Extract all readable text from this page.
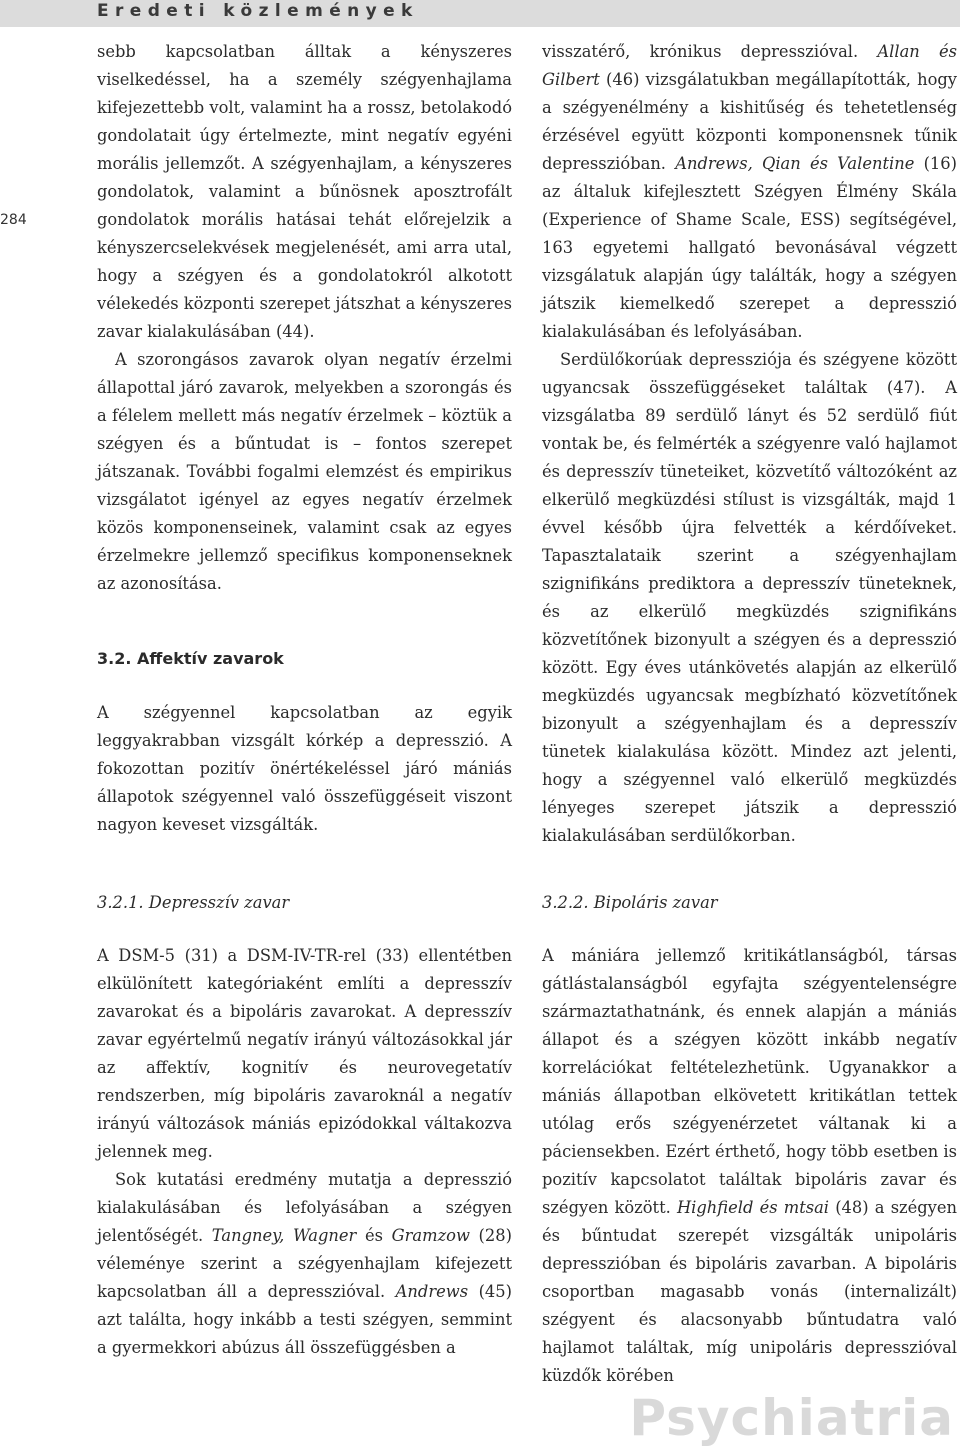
Eredeti közlemények
284

sebb kapcsolatban álltak a kényszeres viselkedéssel, ha a személy szégyenhajlama kifejezettebb volt, valamint ha a rossz, betolakodó gondolatait úgy értelmezte, mint negatív egyéni morális jellemzőt. A szégyenhajlam, a kényszeres gondolatok, valamint a bűnösnek aposztrofált gondolatok morális hatásai tehát előrejelzik a kényszercselekvések megjelenését, ami arra utal, hogy a szégyen és a gondolatokról alkotott vélekedés központi szerepet játszhat a kényszeres zavar kialakulásában (44).

A szorongásos zavarok olyan negatív érzelmi állapottal járó zavarok, melyekben a szorongás és a félelem mellett más negatív érzelmek – köztük a szégyen és a bűntudat is – fontos szerepet játszanak. További fogalmi elemzést és empirikus vizsgálatot igényel az egyes negatív érzelmek közös komponenseinek, valamint csak az egyes érzelmekre jellemző specifikus komponenseknek az azonosítása.

3.2. Affektív zavarok

A szégyennel kapcsolatban az egyik leggyakrabban vizsgált kórkép a depresszió. A fokozottan pozitív önértékeléssel járó mániás állapotok szégyennel való összefüggéseit viszont nagyon keveset vizsgálták.

visszatérő, krónikus depresszióval. Allan és Gilbert (46) vizsgálatukban megállapították, hogy a szégyenélmény a kishitűség és tehetetlenség érzésével együtt központi komponensnek tűnik depresszióban. Andrews, Qian és Valentine (16) az általuk kifejlesztett Szégyen Élmény Skála (Experience of Shame Scale, ESS) segítségével, 163 egyetemi hallgató bevonásával végzett vizsgálatuk alapján úgy találták, hogy a szégyen játszik kiemelkedő szerepet a depresszió kialakulásában és lefolyásában.

Serdülőkorúak depressziója és szégyene között ugyancsak összefüggéseket találtak (47). A vizsgálatba 89 serdülő lányt és 52 serdülő fiút vontak be, és felmérték a szégyenre való hajlamot és depresszív tüneteiket, közvetítő változóként az elkerülő megküzdési stílust is vizsgálták, majd 1 évvel később újra felvették a kérdőíveket. Tapasztalataik szerint a szégyenhajlam szignifikáns prediktora a depresszív tüneteknek, és az elkerülő megküzdés szignifikáns közvetítőnek bizonyult a szégyen és a depresszió között. Egy éves utánkövetés alapján az elkerülő megküzdés ugyancsak megbízható közvetítőnek bizonyult a szégyenhajlam és a depresszív tünetek kialakulása között. Mindez azt jelenti, hogy a szégyennel való elkerülő megküzdés lényeges szerepet játszik a depresszió kialakulásában serdülőkorban.

3.2.1. Depresszív zavar	3.2.2. Bipoláris zavar

A DSM-5 (31) a DSM-IV-TR-rel (33) ellentétben elkülönített kategóriaként említi a depresszív zavarokat és a bipoláris zavarokat. A depresszív zavar egyértelmű negatív irányú változásokkal jár az affektív, kognitív és neurovegetatív rendszerben, míg bipoláris zavaroknál a negatív irányú változások mániás epizódokkal váltakozva jelennek meg.

Sok kutatási eredmény mutatja a depresszió kialakulásában és lefolyásában a szégyen jelentőségét. Tangney, Wagner és Gramzow (28) véleménye szerint a szégyenhajlam kifejezett kapcsolatban áll a depresszióval. Andrews (45) azt találta, hogy inkább a testi szégyen, semmint a gyermekkori abúzus áll összefüggésben a

A mániára jellemző kritikátlanságból, társas gátlástalanságból egyfajta szégyentelenségre származtathatnánk, és ennek alapján a mániás állapot és a szégyen között inkább negatív korrelációkat feltételezhetünk. Ugyanakkor a mániás állapotban elkövetett kritikátlan tettek utólag erős szégyenérzetet váltanak ki a páciensekben. Ezért érthető, hogy több esetben is pozitív kapcsolatot találtak bipoláris zavar és szégyen között. Highfield és mtsai (48) a szégyen és bűntudat szerepét vizsgálták unipoláris depresszióban és bipoláris zavarban. A bipoláris csoportban magasabb vonás (internalizált) szégyent és alacsonyabb bűntudatra való hajlamot találtak, míg unipoláris depresszióval küzdők körében

Psychiatria
